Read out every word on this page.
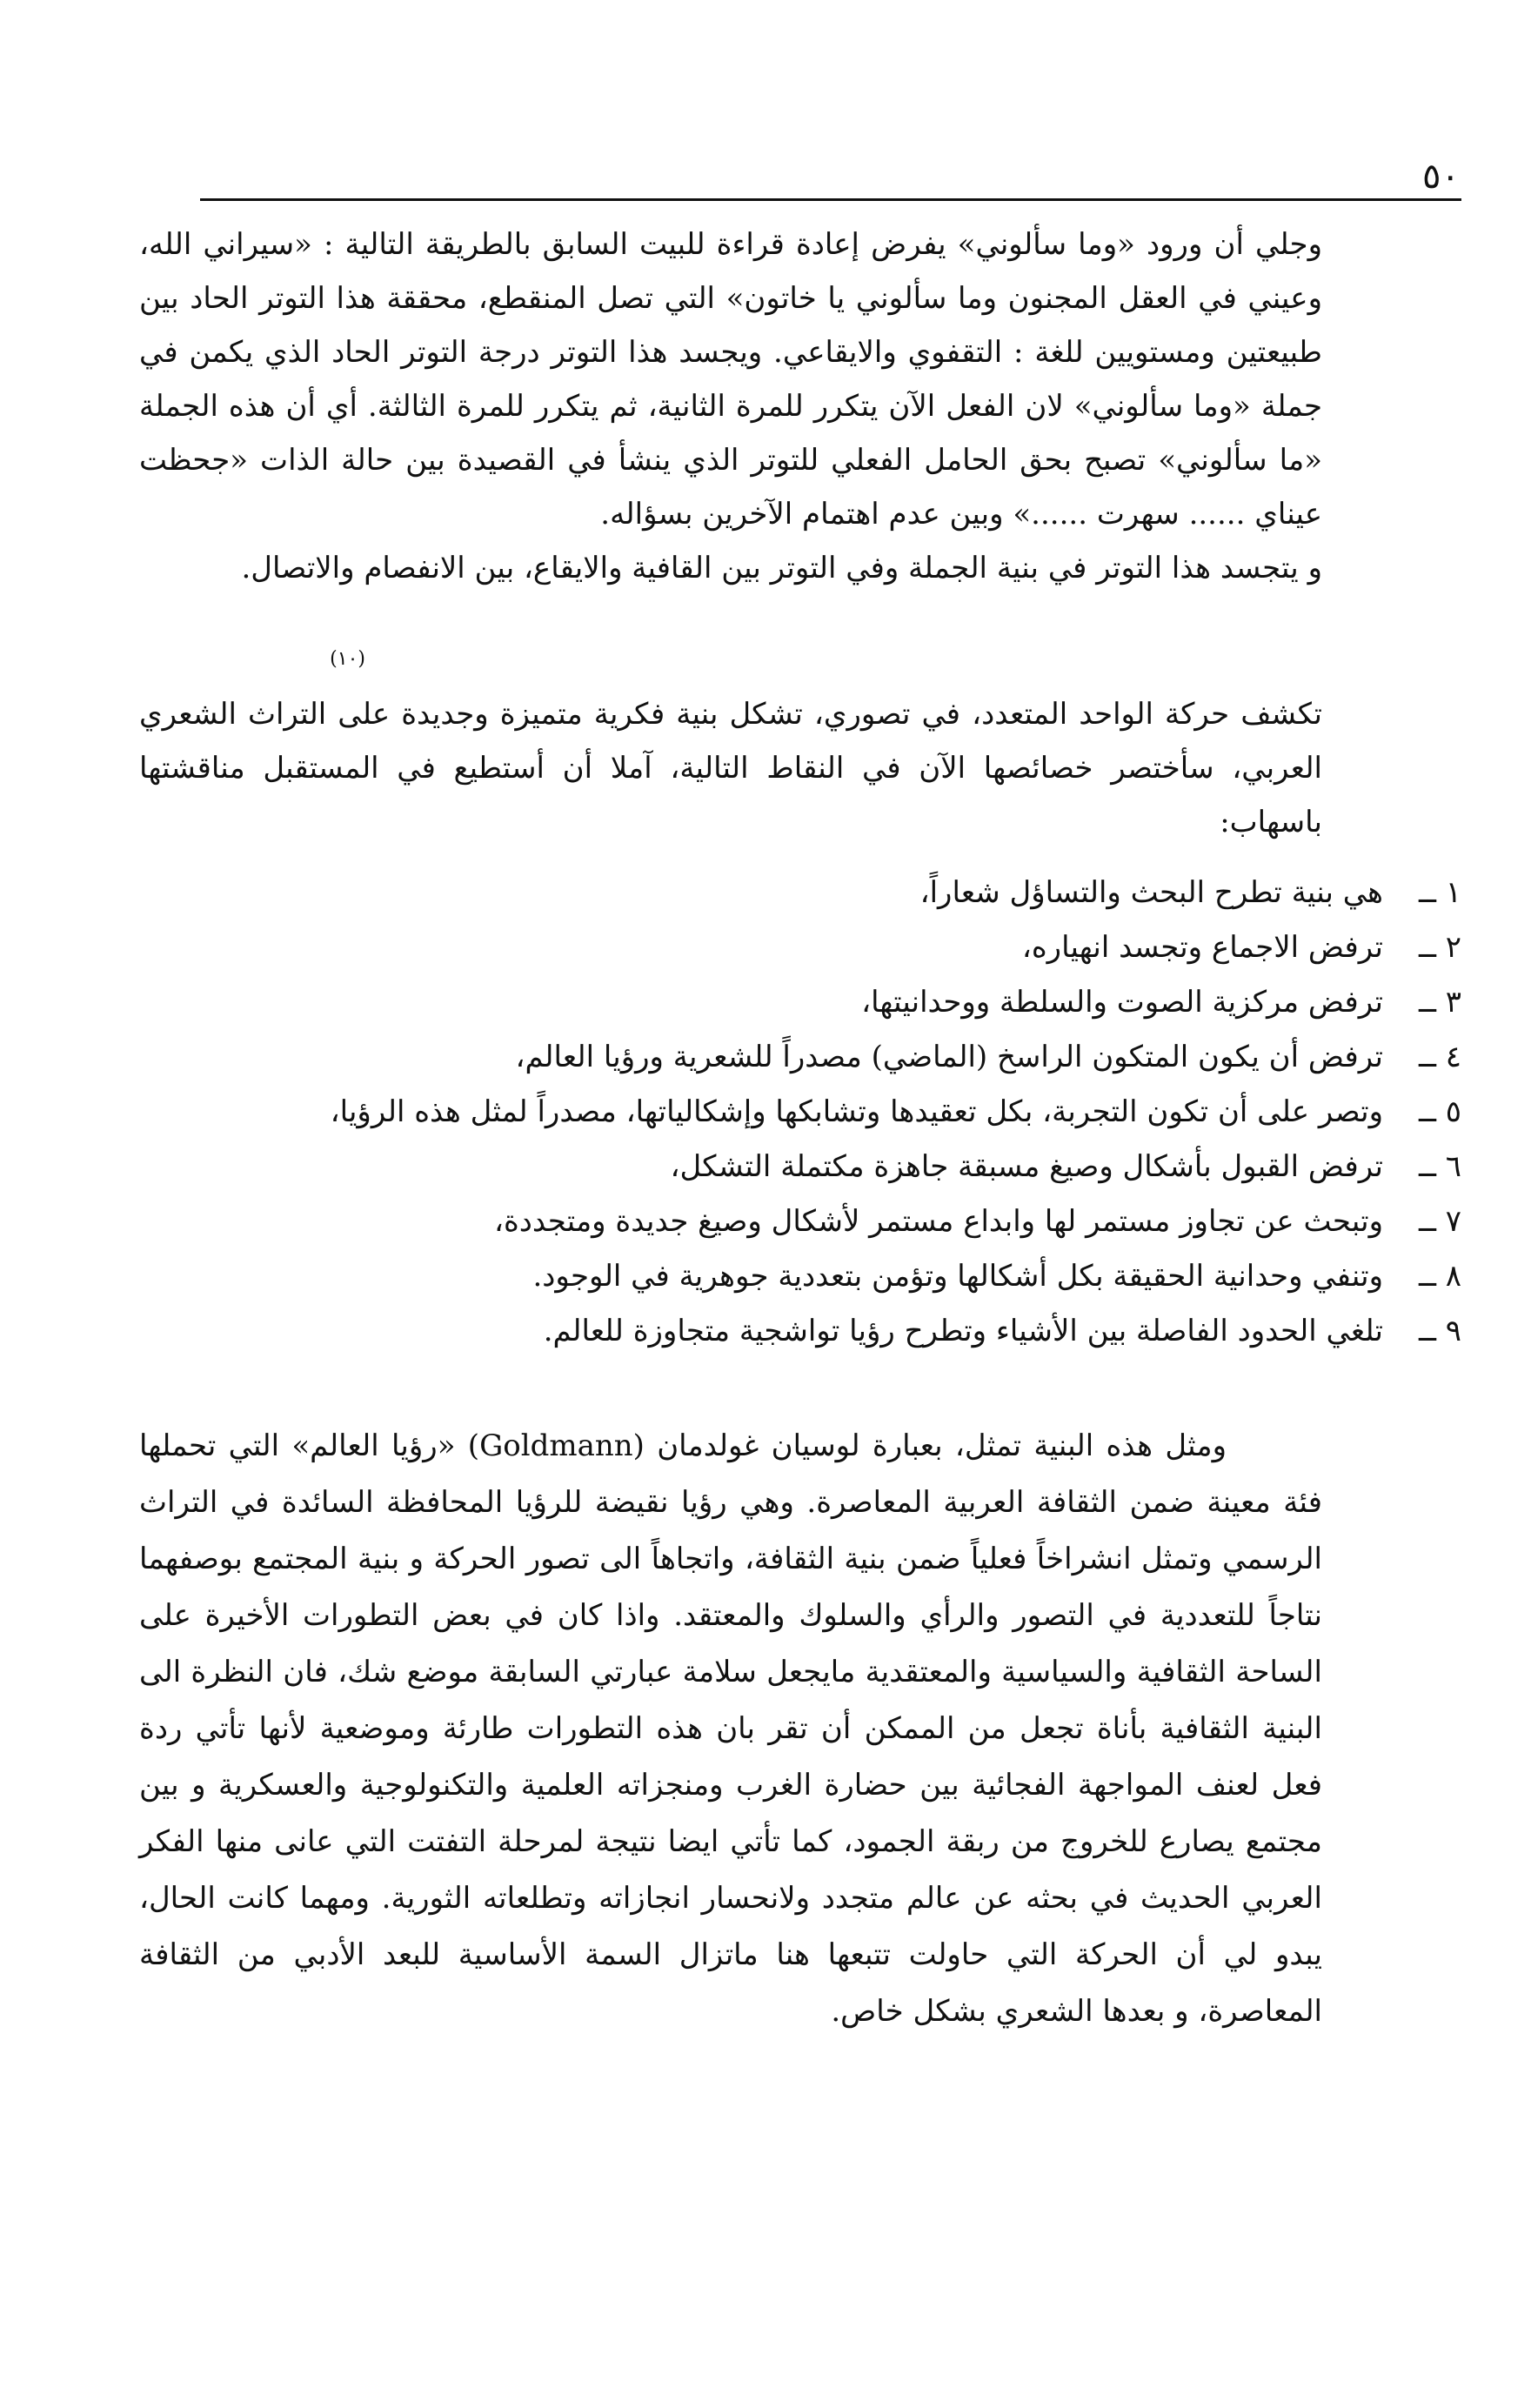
٥٠

وجلي أن ورود «وما سألوني» يفرض إعادة قراءة للبيت السابق بالطريقة التالية : «سيراني الله، وعيني في العقل المجنون وما سألوني يا خاتون» التي تصل المنقطع، محققة هذا التوتر الحاد بين طبيعتين ومستويين للغة : التقفوي والايقاعي. ويجسد هذا التوتر درجة التوتر الحاد الذي يكمن في جملة «وما سألوني» لان الفعل الآن يتكرر للمرة الثانية، ثم يتكرر للمرة الثالثة. أي أن هذه الجملة «ما سألوني» تصبح بحق الحامل الفعلي للتوتر الذي ينشأ في القصيدة بين حالة الذات «جحظت عيناي ...... سهرت ......» وبين عدم اهتمام الآخرين بسؤاله.

و يتجسد هذا التوتر في بنية الجملة وفي التوتر بين القافية والايقاع، بين الانفصام والاتصال.

(١٠)

تكشف حركة الواحد المتعدد، في تصوري، تشكل بنية فكرية متميزة وجديدة على التراث الشعري العربي، سأختصر خصائصها الآن في النقاط التالية، آملا أن أستطيع في المستقبل مناقشتها باسهاب:

١ ــهي بنية تطرح البحث والتساؤل شعاراً،
٢ ــترفض الاجماع وتجسد انهياره،
٣ ــترفض مركزية الصوت والسلطة ووحدانيتها،
٤ ــترفض أن يكون المتكون الراسخ (الماضي) مصدراً للشعرية ورؤيا العالم،
٥ ــوتصر على أن تكون التجربة، بكل تعقيدها وتشابكها وإشكالياتها، مصدراً لمثل هذه الرؤيا،
٦ ــترفض القبول بأشكال وصيغ مسبقة جاهزة مكتملة التشكل،
٧ ــوتبحث عن تجاوز مستمر لها وابداع مستمر لأشكال وصيغ جديدة ومتجددة،
٨ ــوتنفي وحدانية الحقيقة بكل أشكالها وتؤمن بتعددية جوهرية في الوجود.
٩ ــتلغي الحدود الفاصلة بين الأشياء وتطرح رؤيا تواشجية متجاوزة للعالم.

ومثل هذه البنية تمثل، بعبارة لوسيان غولدمان (Goldmann) «رؤيا العالم» التي تحملها فئة معينة ضمن الثقافة العربية المعاصرة. وهي رؤيا نقيضة للرؤيا المحافظة السائدة في التراث الرسمي وتمثل انشراخاً فعلياً ضمن بنية الثقافة، واتجاهاً الى تصور الحركة و بنية المجتمع بوصفهما نتاجاً للتعددية في التصور والرأي والسلوك والمعتقد. واذا كان في بعض التطورات الأخيرة على الساحة الثقافية والسياسية والمعتقدية مايجعل سلامة عبارتي السابقة موضع شك، فان النظرة الى البنية الثقافية بأناة تجعل من الممكن أن تقر بان هذه التطورات طارئة وموضعية لأنها تأتي ردة فعل لعنف المواجهة الفجائية بين حضارة الغرب ومنجزاته العلمية والتكنولوجية والعسكرية و بين مجتمع يصارع للخروج من ربقة الجمود، كما تأتي ايضا نتيجة لمرحلة التفتت التي عانى منها الفكر العربي الحديث في بحثه عن عالم متجدد ولانحسار انجازاته وتطلعاته الثورية. ومهما كانت الحال، يبدو لي أن الحركة التي حاولت تتبعها هنا ماتزال السمة الأساسية للبعد الأدبي من الثقافة المعاصرة، و بعدها الشعري بشكل خاص.
